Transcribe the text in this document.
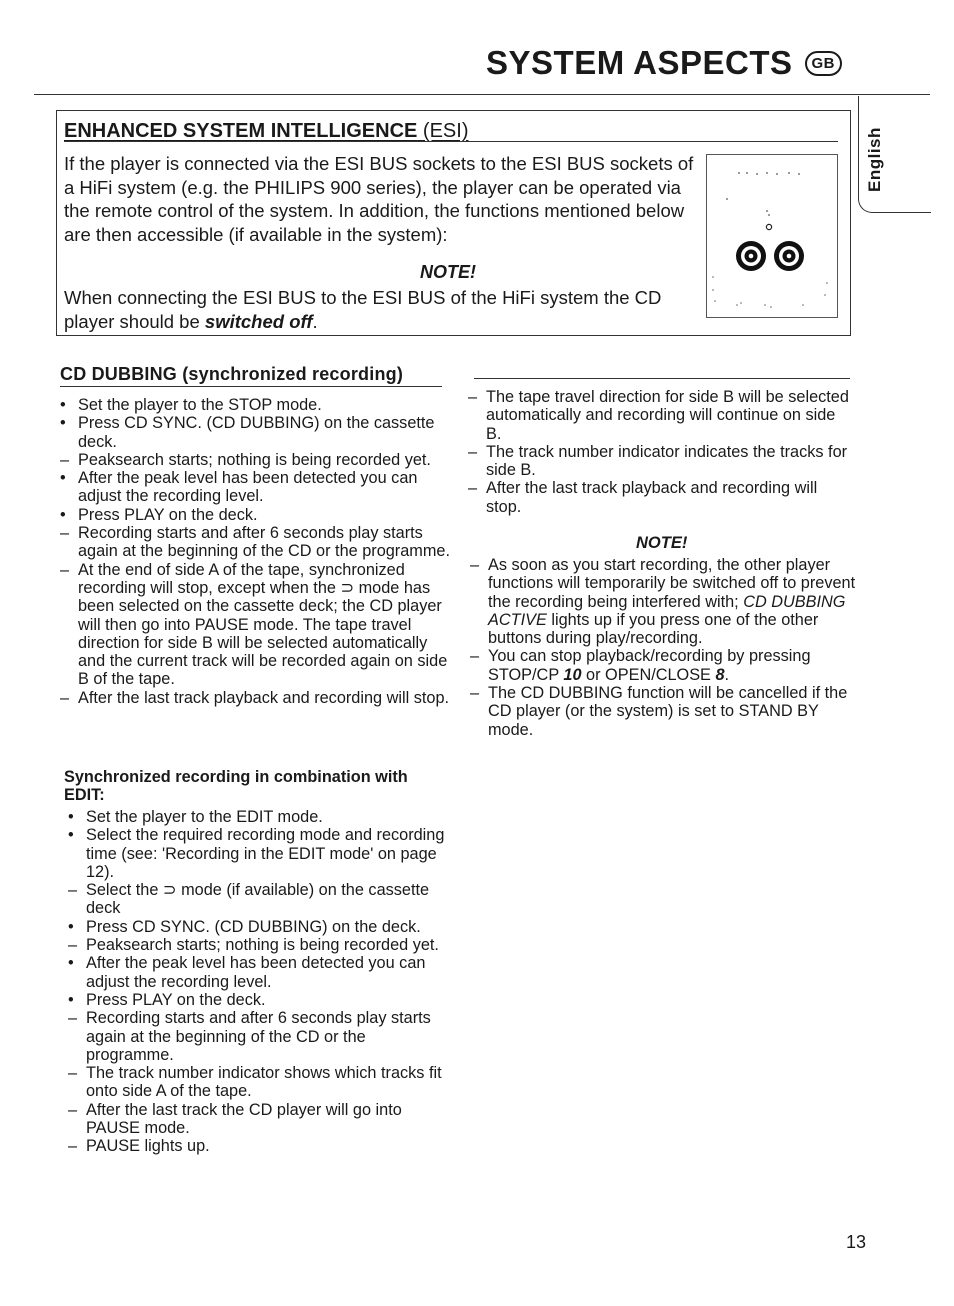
SYSTEM ASPECTS GB
English
ENHANCED SYSTEM INTELLIGENCE (ESI)

If the player is connected via the ESI BUS sockets to the ESI BUS sockets of a HiFi system (e.g. the PHILIPS 900 series), the player can be operated via the remote control of the system. In addition, the functions mentioned below are then accessible (if available in the system):

NOTE!

When connecting the ESI BUS to the ESI BUS of the HiFi system the CD player should be switched off.

CD DUBBING (synchronized recording)
• Set the player to the STOP mode.
• Press CD SYNC. (CD DUBBING) on the cassette deck.
– Peaksearch starts; nothing is being recorded yet.
• After the peak level has been detected you can adjust the recording level.
• Press PLAY on the deck.
– Recording starts and after 6 seconds play starts again at the beginning of the CD or the programme.
– At the end of side A of the tape, synchronized recording will stop, except when the ⊃ mode has been selected on the cassette deck; the CD player will then go into PAUSE mode. The tape travel direction for side B will be selected automatically and the current track will be recorded again on side B of the tape.
– After the last track playback and recording will stop.
Synchronized recording in combination with EDIT:
• Set the player to the EDIT mode.
• Select the required recording mode and recording time (see: 'Recording in the EDIT mode' on page 12).
– Select the ⊃ mode (if available) on the cassette deck
• Press CD SYNC. (CD DUBBING) on the deck.
– Peaksearch starts; nothing is being recorded yet.
• After the peak level has been detected you can adjust the recording level.
• Press PLAY on the deck.
– Recording starts and after 6 seconds play starts again at the beginning of the CD or the programme.
– The track number indicator shows which tracks fit onto side A of the tape.
– After the last track the CD player will go into PAUSE mode.
– PAUSE lights up.
– The tape travel direction for side B will be selected automatically and recording will continue on side B.
– The track number indicator indicates the tracks for side B.
– After the last track playback and recording will stop.
NOTE!
– As soon as you start recording, the other player functions will temporarily be switched off to prevent the recording being interfered with; CD DUBBING ACTIVE lights up if you press one of the other buttons during play/recording.
– You can stop playback/recording by pressing STOP/CP 10 or OPEN/CLOSE 8.
– The CD DUBBING function will be cancelled if the CD player (or the system) is set to STAND BY mode.
13
